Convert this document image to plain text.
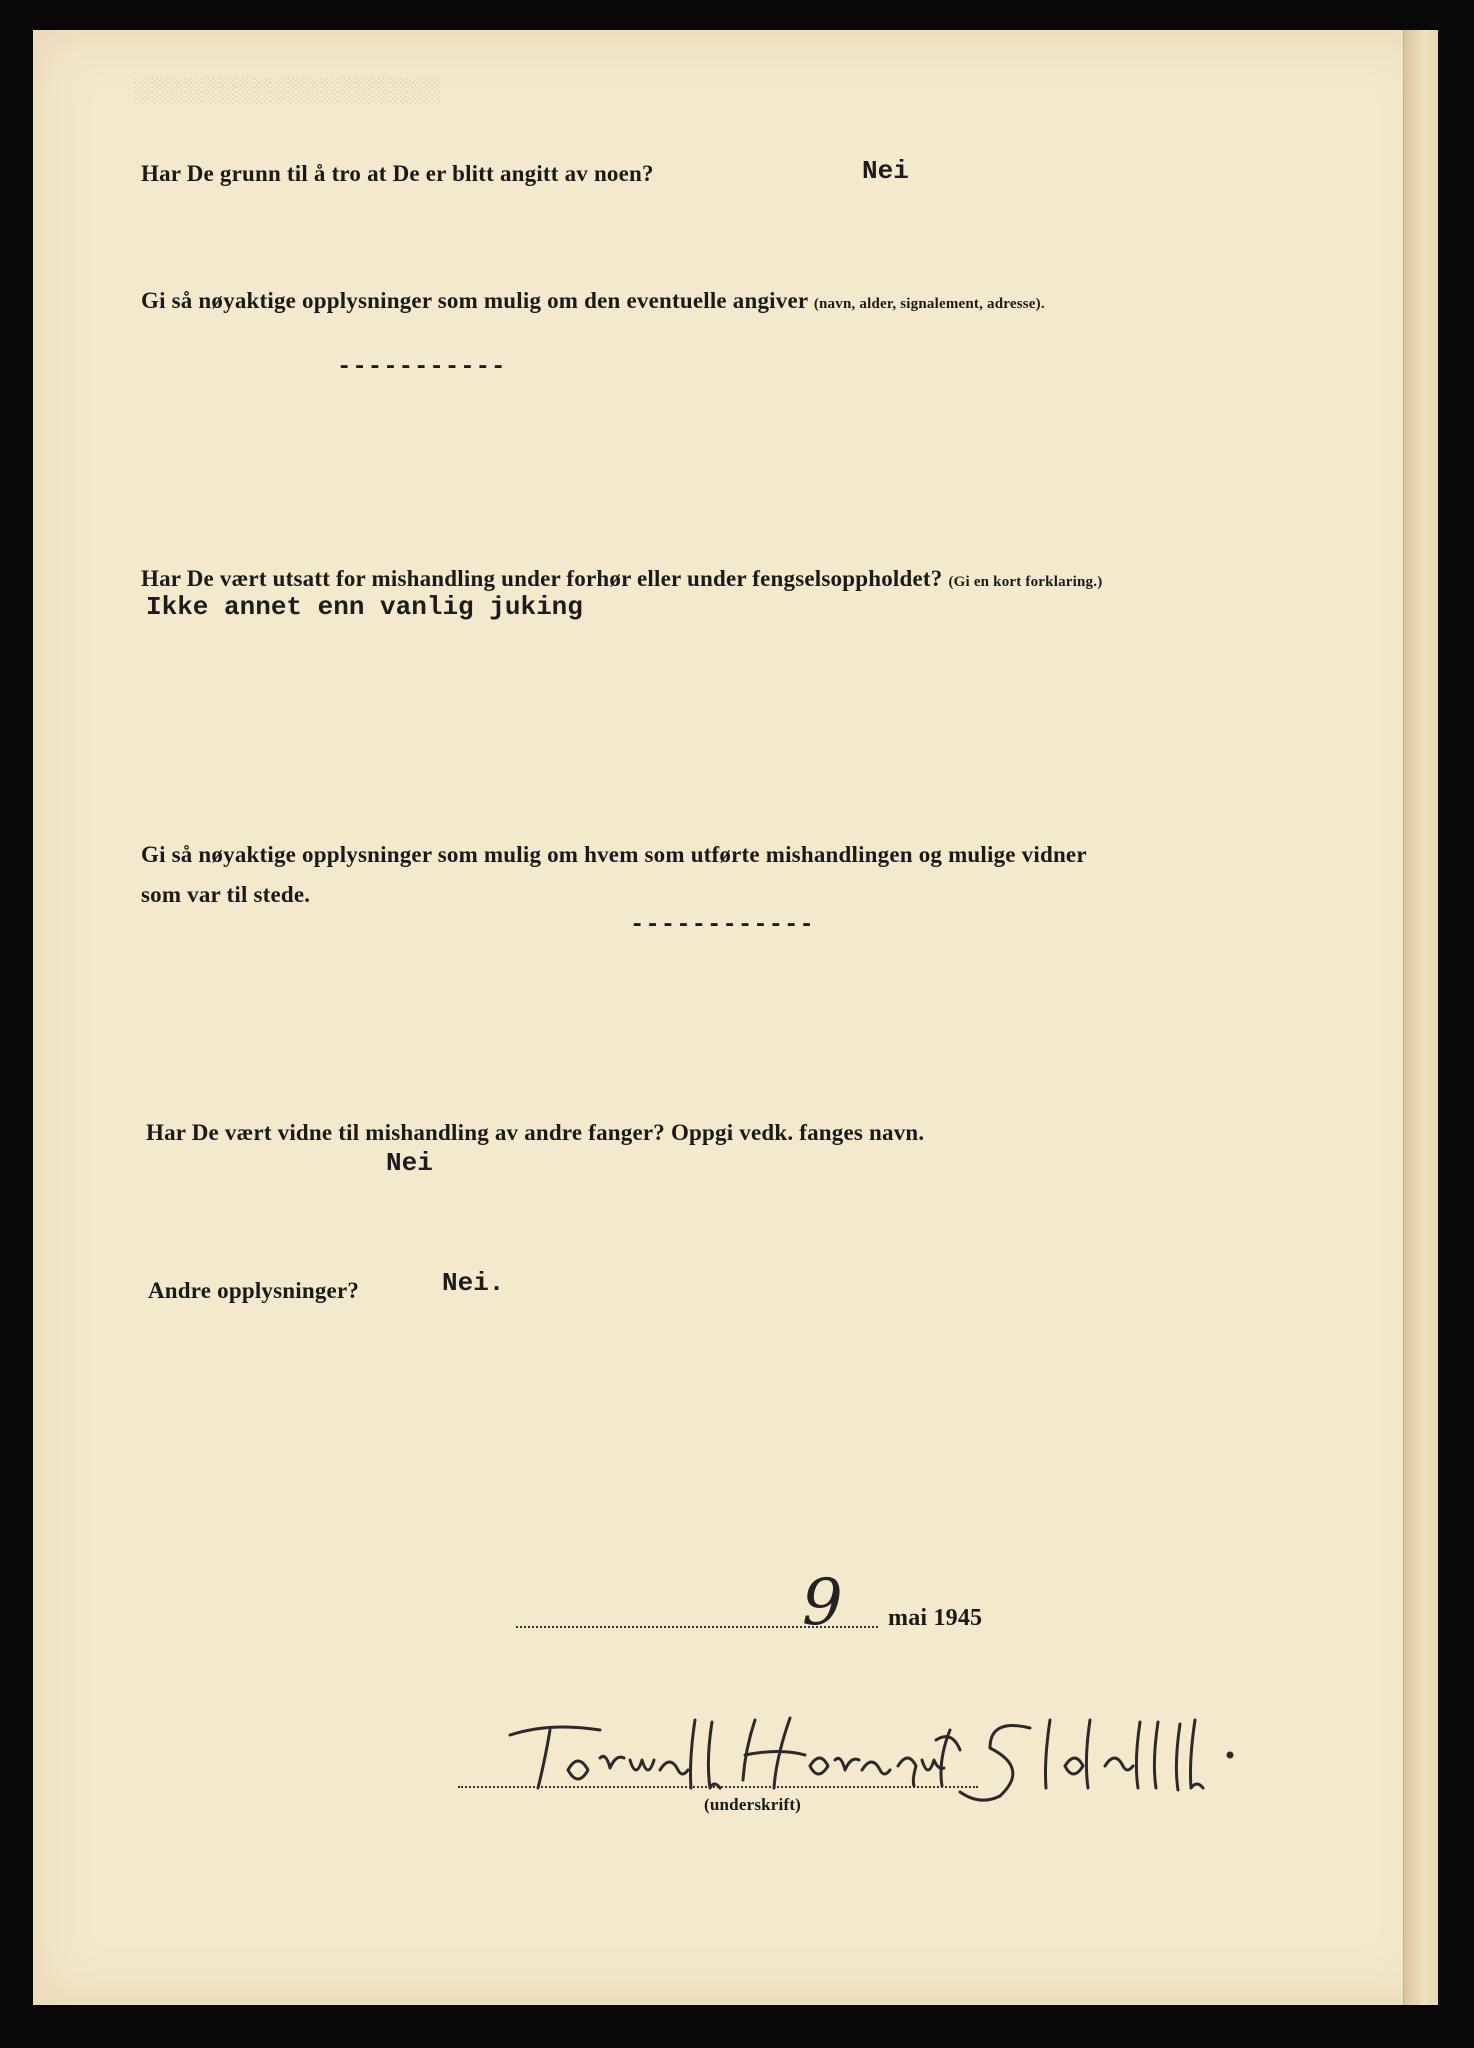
░░░░░░░░░░░░░░░░░░
Har De grunn til å tro at De er blitt angitt av noen?	Nei
Gi så nøyaktige opplysninger som mulig om den eventuelle angiver (navn, alder, signalement, adresse).
-----------
Har De vært utsatt for mishandling under forhør eller under fengselsoppholdet? (Gi en kort forklaring.)
Ikke annet enn vanlig juking
Gi så nøyaktige opplysninger som mulig om hvem som utførte mishandlingen og mulige vidner
som var til stede.
------------
Har De vært vidne til mishandling av andre fanger? Oppgi vedk. fanges navn.
Nei
Andre opplysninger?	Nei.
9 mai 1945
(underskrift)
